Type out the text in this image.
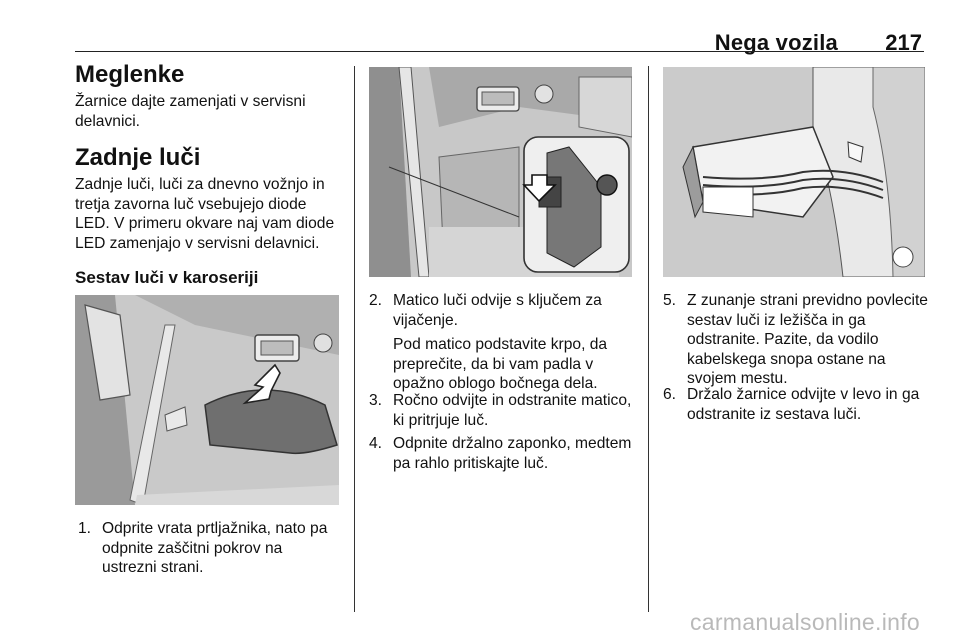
Nega vozila 217
Meglenke

Žarnice dajte zamenjati v servisni delavnici.

Zadnje luči

Zadnje luči, luči za dnevno vožnjo in tretja zavorna luč vsebujejo diode LED. V primeru okvare naj vam diode LED zamenjajo v servisni delavnici.

Sestav luči v karoseriji
1. Odprite vrata prtljažnika, nato pa odpnite zaščitni pokrov na ustrezni strani.
2. Matico luči odvije s ključem za vijačenje.
Pod matico podstavite krpo, da preprečite, da bi vam padla v opažno oblogo bočnega dela.
3. Ročno odvijte in odstranite matico, ki pritrjuje luč.
4. Odpnite držalno zaponko, medtem pa rahlo pritiskajte luč.
5. Z zunanje strani previdno povlecite sestav luči iz ležišča in ga odstranite. Pazite, da vodilo kabelskega snopa ostane na svojem mestu.
6. Držalo žarnice odvijte v levo in ga odstranite iz sestava luči.
carmanualsonline.info
